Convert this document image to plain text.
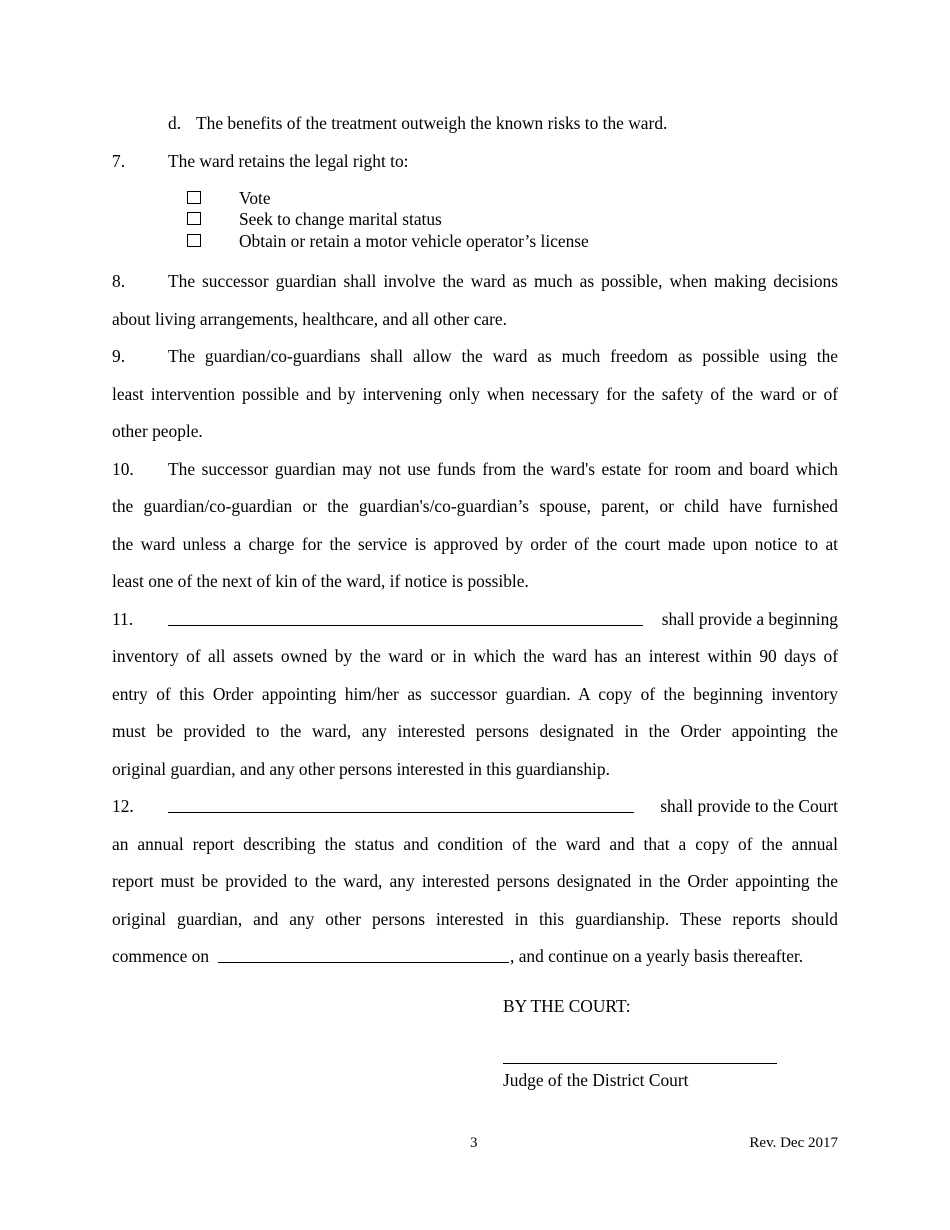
d. The benefits of the treatment outweigh the known risks to the ward.
7. The ward retains the legal right to:
Vote
Seek to change marital status
Obtain or retain a motor vehicle operator’s license
8. The successor guardian shall involve the ward as much as possible, when making decisions
about living arrangements, healthcare, and all other care.
9. The guardian/co-guardians shall allow the ward as much freedom as possible using the
least intervention possible and by intervening only when necessary for the safety of the ward or of
other people.
10. The successor guardian may not use funds from the ward's estate for room and board which
the guardian/co-guardian or the guardian's/co-guardian’s spouse, parent, or child have furnished
the ward unless a charge for the service is approved by order of the court made upon notice to at
least one of the next of kin of the ward, if notice is possible.
11.	shall provide a beginning
inventory of all assets owned by the ward or in which the ward has an interest within 90 days of
entry of this Order appointing him/her as successor guardian. A copy of the beginning inventory
must be provided to the ward, any interested persons designated in the Order appointing the
original guardian, and any other persons interested in this guardianship.
12.	shall provide to the Court
an annual report describing the status and condition of the ward and that a copy of the annual
report must be provided to the ward, any interested persons designated in the Order appointing the
original guardian, and any other persons interested in this guardianship. These reports should
commence on	, and continue on a yearly basis thereafter.
BY THE COURT:
Judge of the District Court
3	Rev. Dec 2017
